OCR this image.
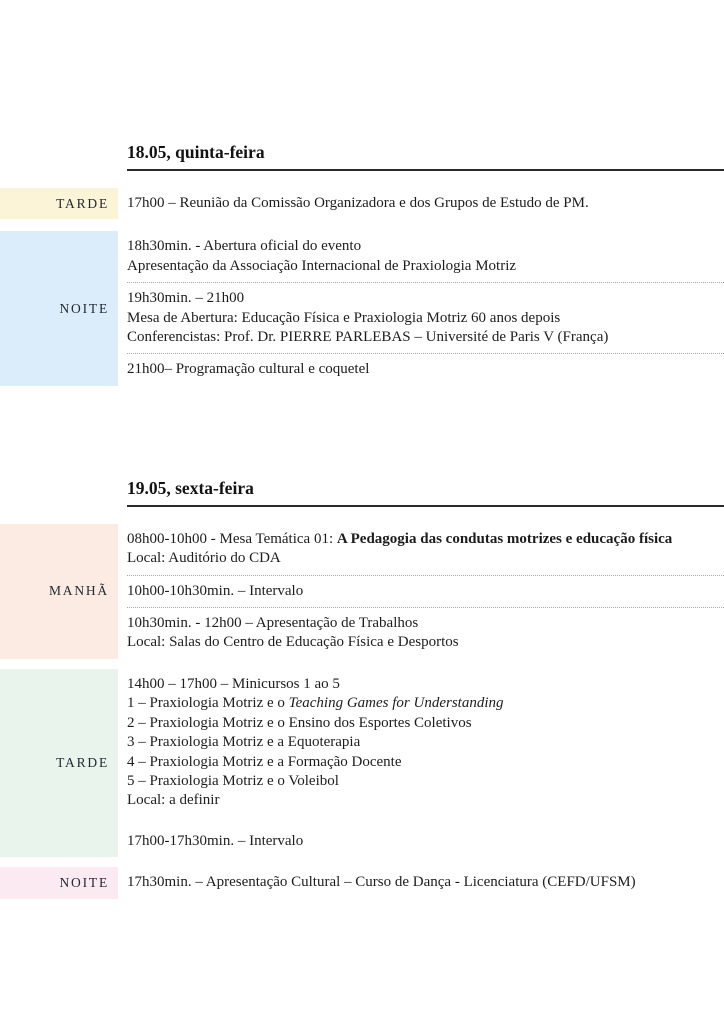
18.05, quinta-feira
TARDE	17h00 – Reunião da Comissão Organizadora e dos Grupos de Estudo de PM.
NOITE
18h30min. - Abertura oficial do evento
Apresentação da Associação Internacional de Praxiologia Motriz
19h30min. – 21h00
Mesa de Abertura: Educação Física e Praxiologia Motriz 60 anos depois
Conferencistas: Prof. Dr. PIERRE PARLEBAS – Université de Paris V (França)
21h00– Programação cultural e coquetel
19.05, sexta-feira
MANHÃ
08h00-10h00 - Mesa Temática 01: A Pedagogia das condutas motrizes e educação física
Local: Auditório do CDA
10h00-10h30min. – Intervalo
10h30min. - 12h00 – Apresentação de Trabalhos
Local: Salas do Centro de Educação Física e Desportos
TARDE
14h00 – 17h00 – Minicursos 1 ao 5
1 – Praxiologia Motriz e o Teaching Games for Understanding
2 – Praxiologia Motriz e o Ensino dos Esportes Coletivos
3 – Praxiologia Motriz e a Equoterapia
4 – Praxiologia Motriz e a Formação Docente
5 – Praxiologia Motriz e o Voleibol
Local: a definir
17h00-17h30min. – Intervalo
NOITE	17h30min. – Apresentação Cultural – Curso de Dança - Licenciatura (CEFD/UFSM)
